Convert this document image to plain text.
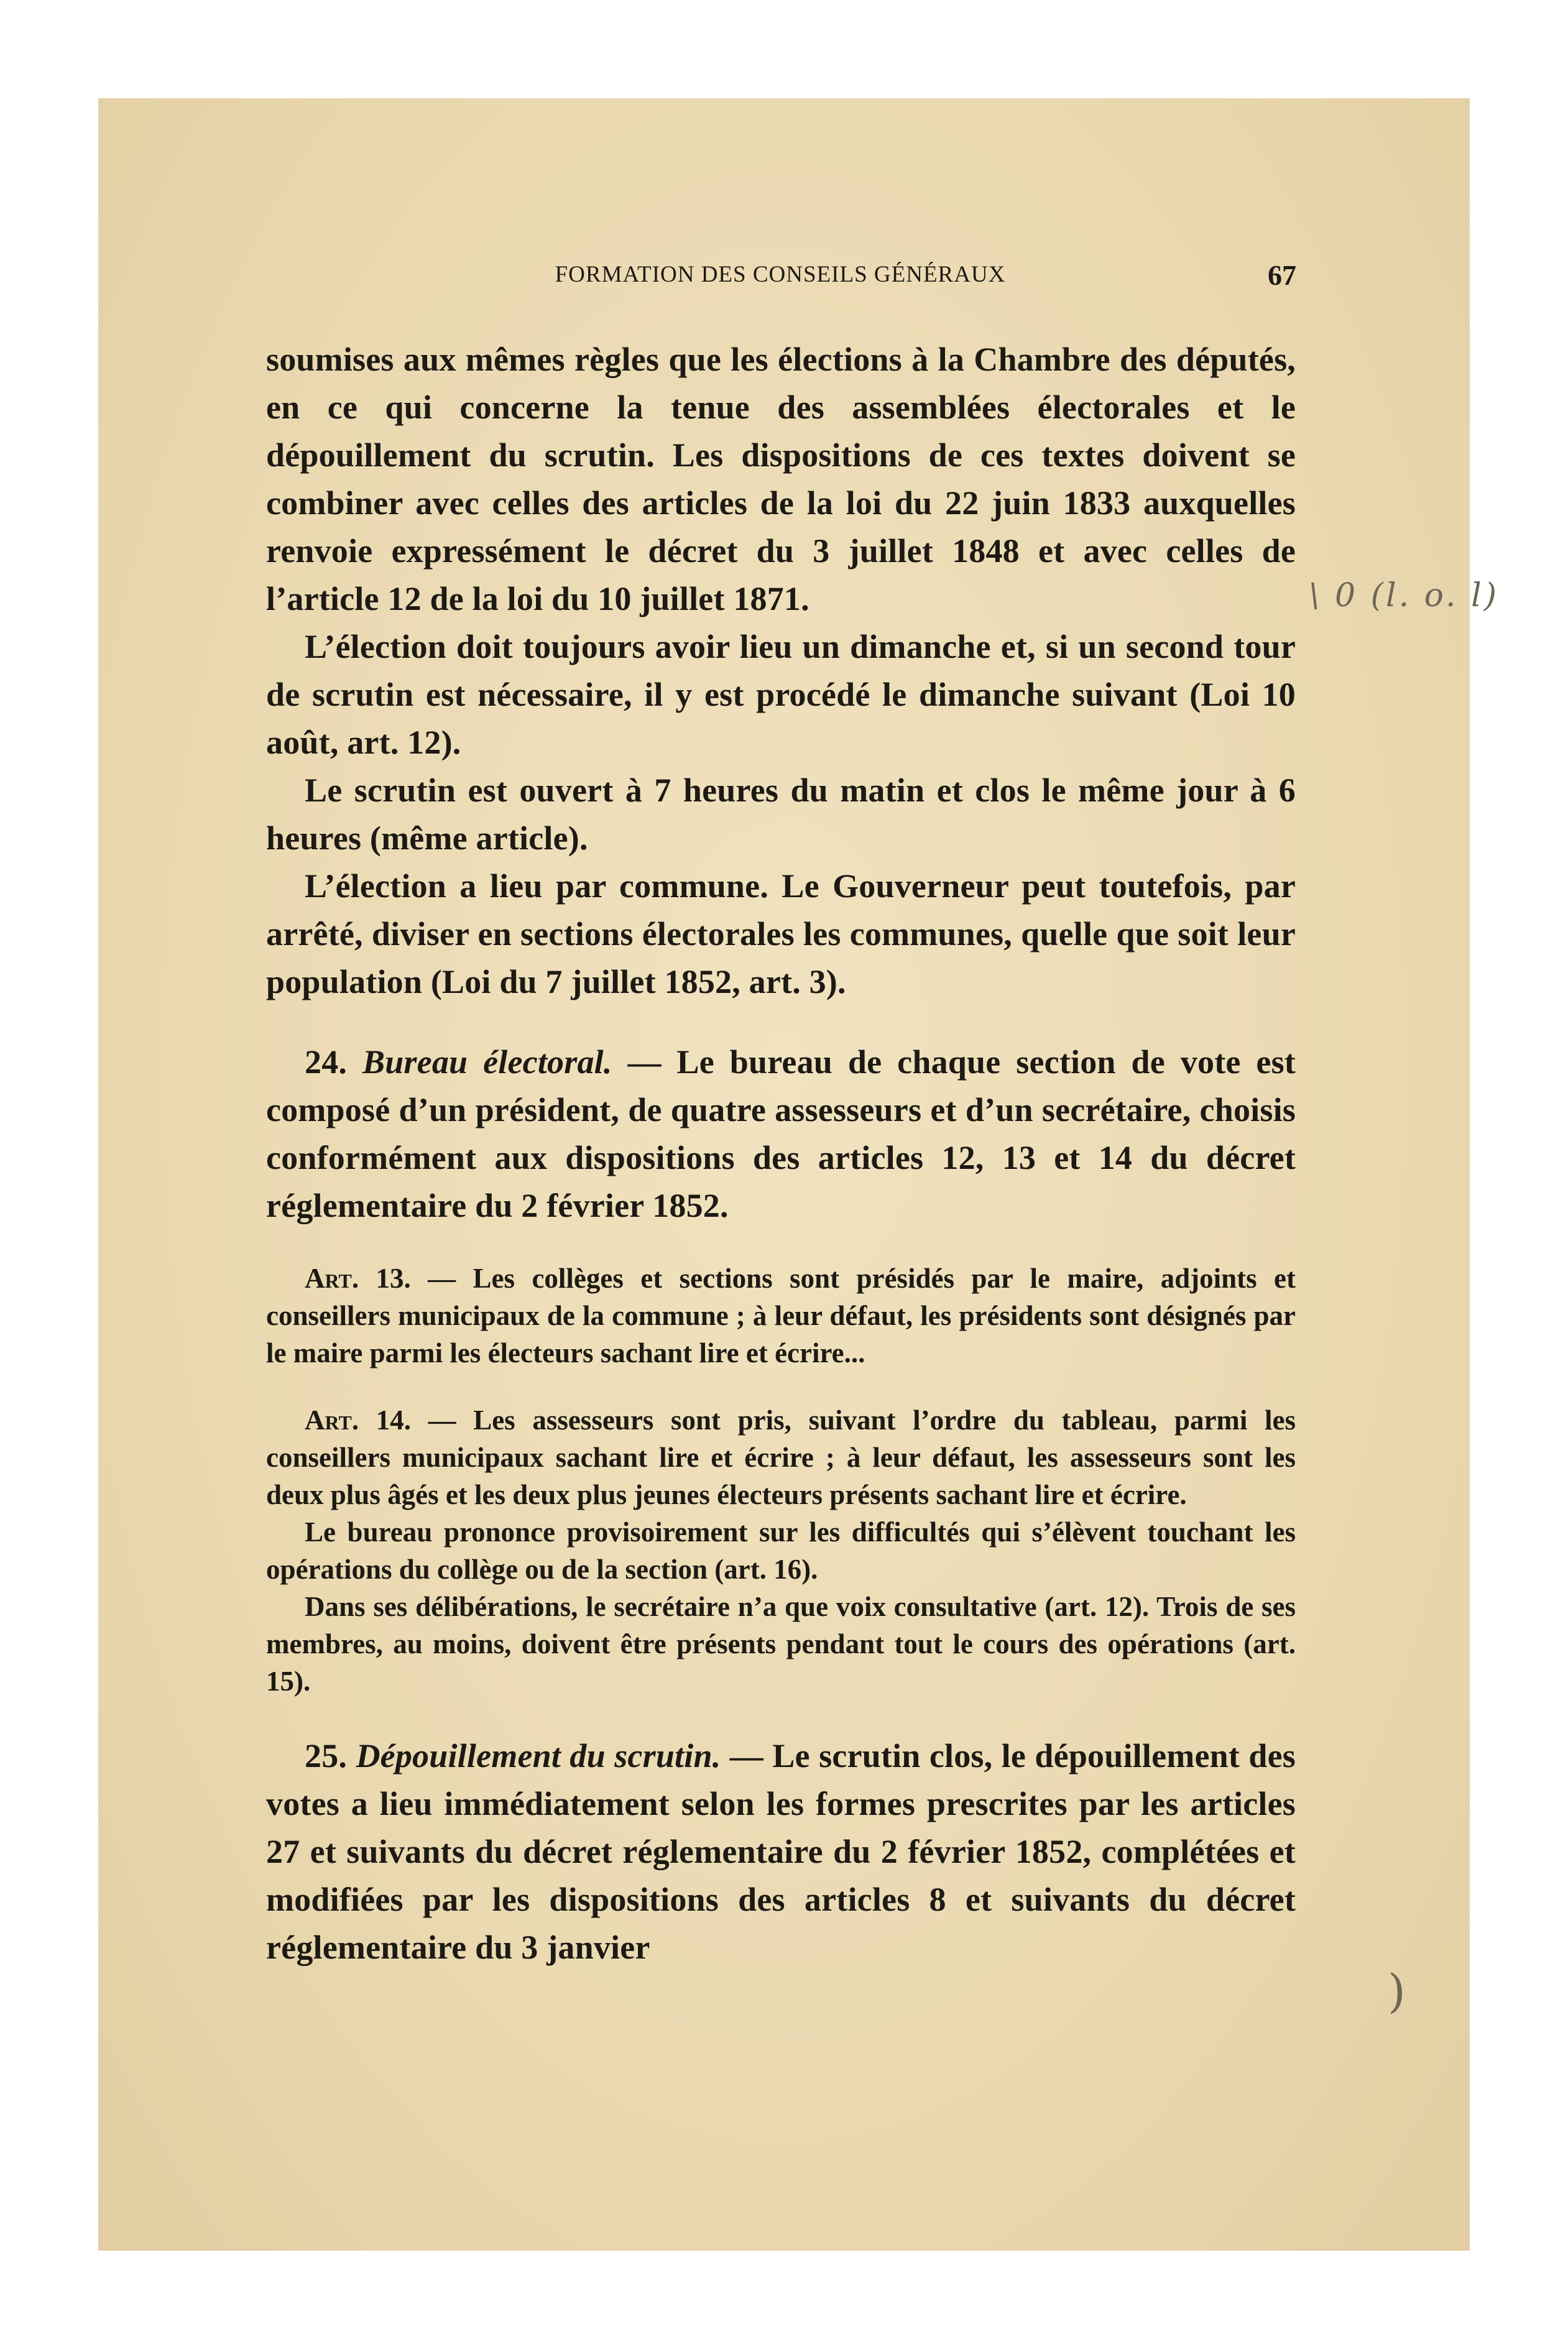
FORMATION DES CONSEILS GÉNÉRAUX	67

soumises aux mêmes règles que les élections à la Chambre des députés, en ce qui concerne la tenue des assemblées électorales et le dépouillement du scrutin. Les dispositions de ces textes doivent se combiner avec celles des articles de la loi du 22 juin 1833 auxquelles renvoie expressément le décret du 3 juillet 1848 et avec celles de l’article 12 de la loi du 10 juillet 1871.

L’élection doit toujours avoir lieu un dimanche et, si un second tour de scrutin est nécessaire, il y est procédé le dimanche suivant (Loi 10 août, art. 12).

Le scrutin est ouvert à 7 heures du matin et clos le même jour à 6 heures (même article).

L’élection a lieu par commune. Le Gouverneur peut toutefois, par arrêté, diviser en sections électorales les communes, quelle que soit leur population (Loi du 7 juillet 1852, art. 3).

24. Bureau électoral. — Le bureau de chaque section de vote est composé d’un président, de quatre assesseurs et d’un secrétaire, choisis conformément aux dispositions des articles 12, 13 et 14 du décret réglementaire du 2 février 1852.

Art. 13. — Les collèges et sections sont présidés par le maire, adjoints et conseillers municipaux de la commune ; à leur défaut, les présidents sont désignés par le maire parmi les électeurs sachant lire et écrire...

Art. 14. — Les assesseurs sont pris, suivant l’ordre du tableau, parmi les conseillers municipaux sachant lire et écrire ; à leur défaut, les assesseurs sont les deux plus âgés et les deux plus jeunes électeurs présents sachant lire et écrire.

Le bureau prononce provisoirement sur les difficultés qui s’élèvent touchant les opérations du collège ou de la section (art. 16).

Dans ses délibérations, le secrétaire n’a que voix consultative (art. 12). Trois de ses membres, au moins, doivent être présents pendant tout le cours des opérations (art. 15).

25. Dépouillement du scrutin. — Le scrutin clos, le dépouillement des votes a lieu immédiatement selon les formes prescrites par les articles 27 et suivants du décret réglementaire du 2 février 1852, complétées et modifiées par les dispositions des articles 8 et suivants du décret réglementaire du 3 janvier

\ 0 (l. o. l)
)
